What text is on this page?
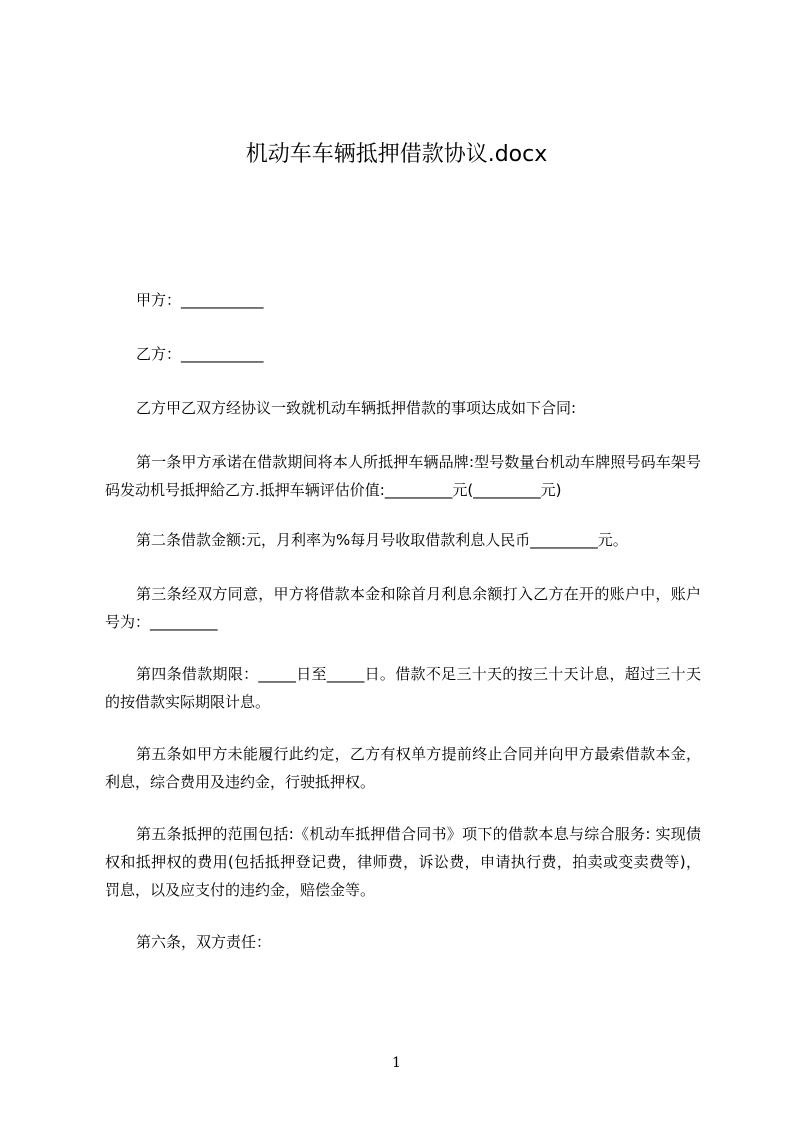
机动车车辆抵押借款协议.docx

甲方：___________

乙方：___________

乙方甲乙双方经协议一致就机动车辆抵押借款的事项达成如下合同:

第一条甲方承诺在借款期间将本人所抵押车辆品牌:型号数量台机动车牌照号码车架号码发动机号抵押給乙方.抵押车辆评估价值:_________元(_________元)

第二条借款金额:元，月利率为%每月号收取借款利息人民币_________元。

第三条经双方同意，甲方将借款本金和除首月利息余额打入乙方在开的账户中，账户号为：_________

第四条借款期限：_____日至_____日。借款不足三十天的按三十天计息，超过三十天的按借款实际期限计息。

第五条如甲方未能履行此约定，乙方有权单方提前终止合同并向甲方最索借款本金，利息，综合费用及违约金，行驶抵押权。

第五条抵押的范围包括:《机动车抵押借合同书》项下的借款本息与综合服务: 实现债权和抵押权的费用(包括抵押登记费，律师费，诉讼费，申请执行费，拍卖或变卖费等)，罚息，以及应支付的违约金，赔偿金等。

第六条，双方责任：

1
